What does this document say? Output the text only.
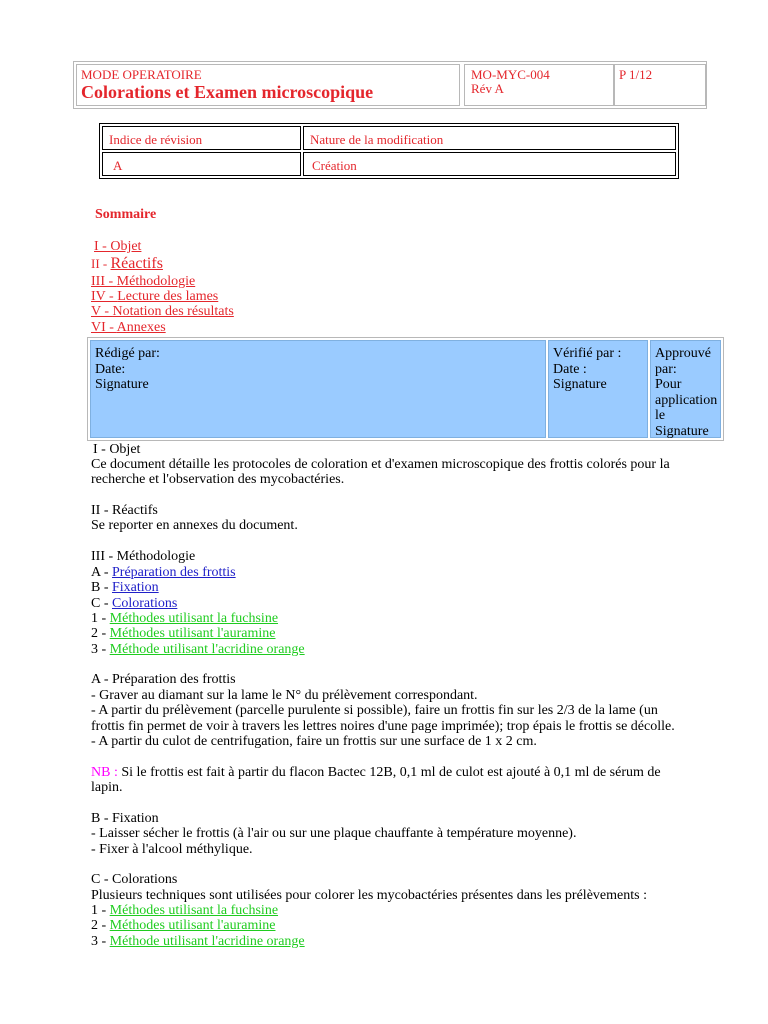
MODE OPERATOIRE
Colorations et Examen microscopique
MO-MYC-004
Rév A
P 1/12
Indice de révision	Nature de la modification
A	Création
Sommaire
I - Objet
II - Réactifs
III - Méthodologie
IV - Lecture des lames
V - Notation des résultats
VI - Annexes
Rédigé par:
Date:
Signature
Vérifié par :
Date :
Signature
Approuvé
par:
Pour
application
le
Signature
I - Objet
Ce document détaille les protocoles de coloration et d'examen microscopique des frottis colorés pour la
recherche et l'observation des mycobactéries.
II - Réactifs
Se reporter en annexes du document.
III - Méthodologie
A - Préparation des frottis
B - Fixation
C - Colorations
1 - Méthodes utilisant la fuchsine
2 - Méthodes utilisant l'auramine
3 - Méthode utilisant l'acridine orange
A - Préparation des frottis
- Graver au diamant sur la lame le N° du prélèvement correspondant.
- A partir du prélèvement (parcelle purulente si possible), faire un frottis fin sur les 2/3 de la lame (un
frottis fin permet de voir à travers les lettres noires d'une page imprimée); trop épais le frottis se décolle.
- A partir du culot de centrifugation, faire un frottis sur une surface de 1 x 2 cm.
NB : Si le frottis est fait à partir du flacon Bactec 12B, 0,1 ml de culot est ajouté à 0,1 ml de sérum de
lapin.
B - Fixation
- Laisser sécher le frottis (à l'air ou sur une plaque chauffante à température moyenne).
- Fixer à l'alcool méthylique.
C - Colorations
Plusieurs techniques sont utilisées pour colorer les mycobactéries présentes dans les prélèvements :
1 - Méthodes utilisant la fuchsine
2 - Méthodes utilisant l'auramine
3 - Méthode utilisant l'acridine orange
